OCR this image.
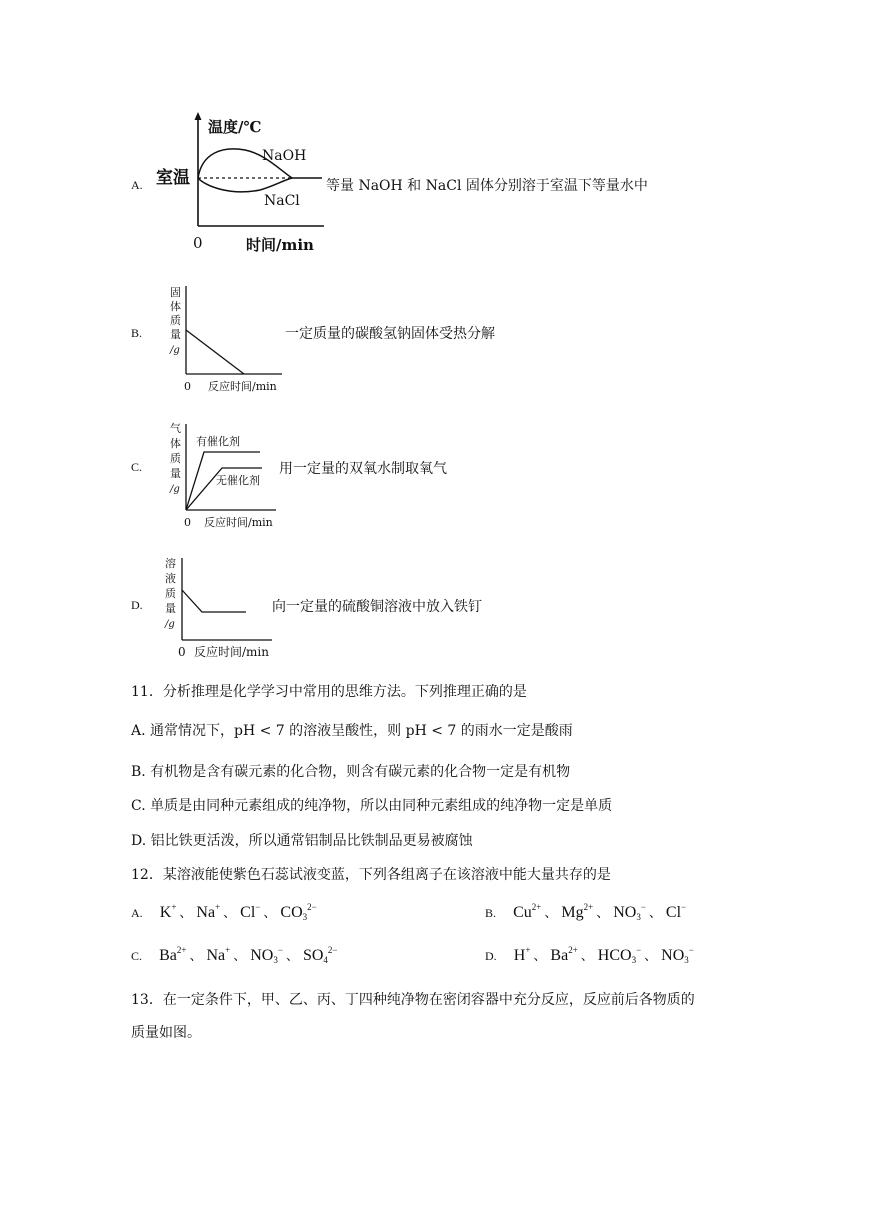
A.
温度/℃
NaOH
NaCl
室温
0	时间/min
等量 NaOH 和 NaCl 固体分别溶于室温下等量水中
B.
固
体
质
量
/g
0 反应时间/min
一定质量的碳酸氢钠固体受热分解
C.
气
体
质
量
/g
有催化剂
无催化剂
0 反应时间/min
用一定量的双氧水制取氧气
D.
溶
液
质
量
/g
0 反应时间/min
向一定量的硫酸铜溶液中放入铁钉
11．分析推理是化学学习中常用的思维方法。下列推理正确的是
A. 通常情况下，pH < 7 的溶液呈酸性，则 pH < 7 的雨水一定是酸雨
B. 有机物是含有碳元素的化合物，则含有碳元素的化合物一定是有机物
C. 单质是由同种元素组成的纯净物，所以由同种元素组成的纯净物一定是单质
D. 铝比铁更活泼，所以通常铝制品比铁制品更易被腐蚀
12．某溶液能使紫色石蕊试液变蓝，下列各组离子在该溶液中能大量共存的是
A. K+ 、 Na+ 、 Cl− 、 $CO_3^{2-}$	B. $Cu^{2+}$ 、 $Mg^{2+}$ 、 $NO_3^-$ 、 Cl−
C. $Ba^{2+}$ 、 Na+ 、 $NO_3^-$ 、 $SO_4^{2-}$	D. H+ 、 $Ba^{2+}$ 、 $HCO_3^-$ 、 $NO_3^-$
13．在一定条件下，甲、乙、丙、丁四种纯净物在密闭容器中充分反应，反应前后各物质的
质量如图。
